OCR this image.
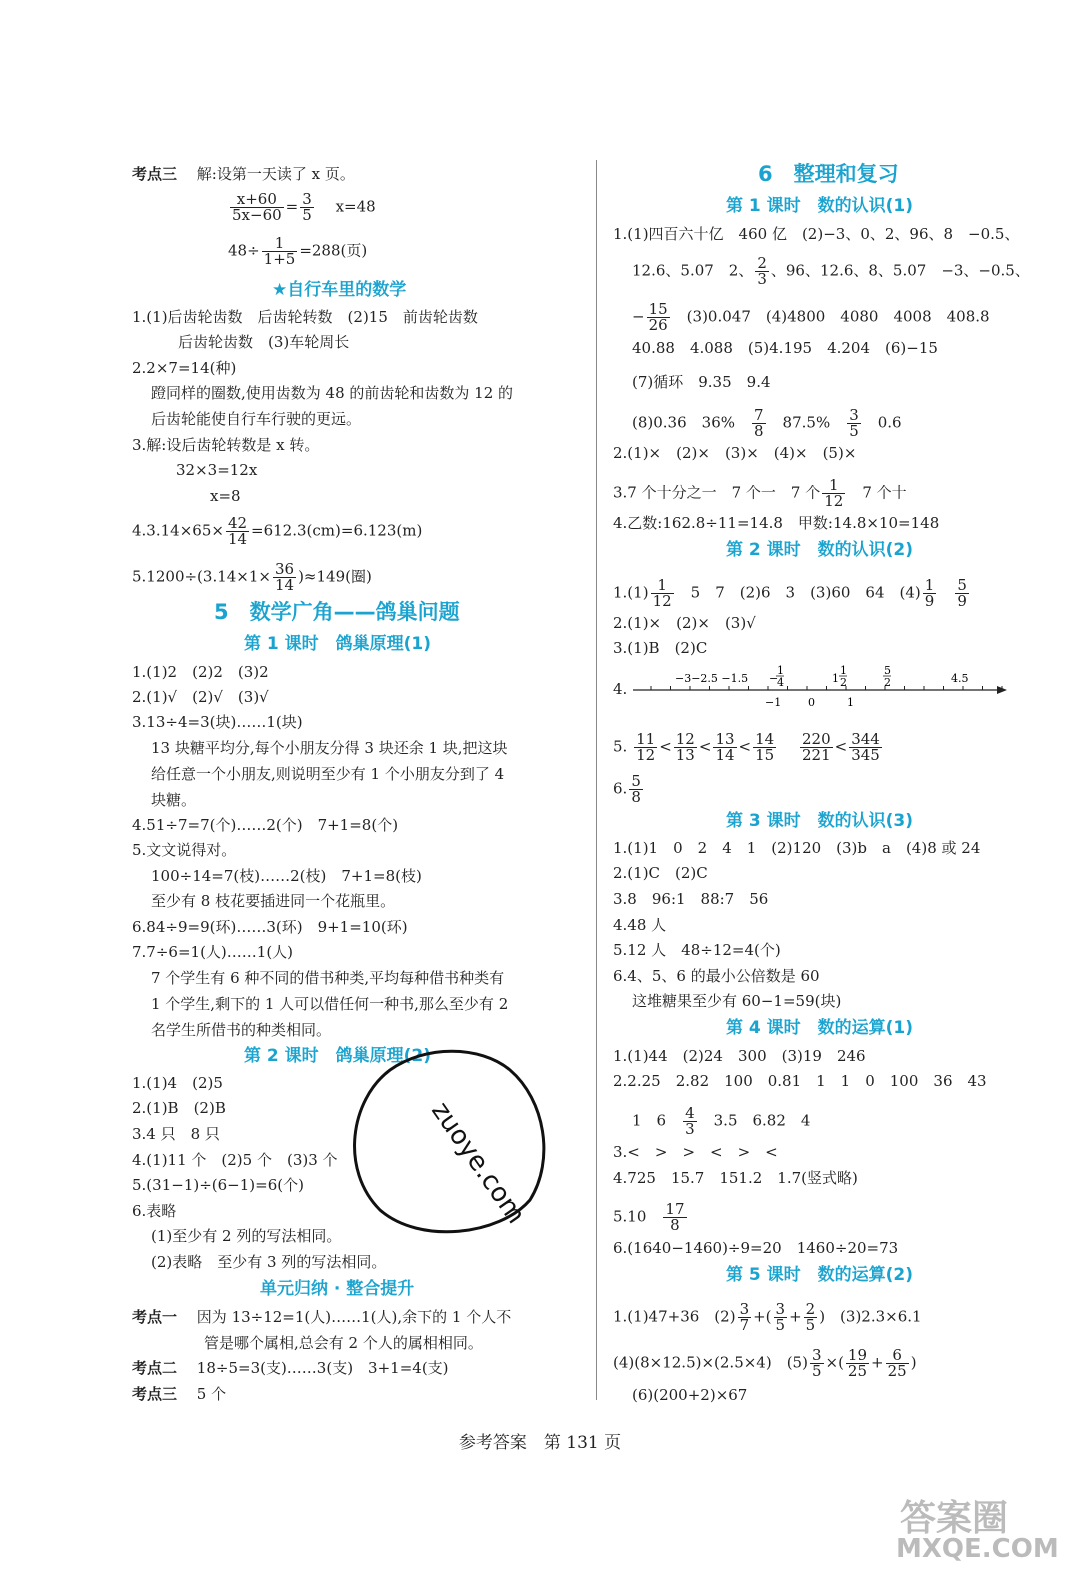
考点三　 解:设第一天读了 x 页。
$\frac{x+60}{5x-60} = \frac{3}{5}$
　 x=48
$48\div \frac{1}{1+5} =288$(页)
★自行车里的数学
1.(1)后齿轮齿数　后齿轮转数　(2)15　前齿轮齿数
后齿轮齿数　(3)车轮周长
2.2×7=14(种)
蹬同样的圈数,使用齿数为 48 的前齿轮和齿数为 12 的
后齿轮能使自行车行驶的更远。
3.解:设后齿轮转数是 x 转。
32×3=12x
x=8
$4.3.14\times 65\times \frac{42}{14} =612.3(cm)=6.123(m)$
$5.1200\div(3.14\times 1\times \frac{36}{14} )\approx 149$(圈)
5　数学广角——鸽巢问题
第 1 课时　鸽巢原理(1)
1.(1)2　(2)2　(3)2
2.(1)√　(2)√　(3)√
3.13÷4=3(块)……1(块)
13 块糖平均分,每个小朋友分得 3 块还余 1 块,把这块
给任意一个小朋友,则说明至少有 1 个小朋友分到了 4
块糖。
4.51÷7=7(个)……2(个)　7+1=8(个)
5.文文说得对。
100÷14=7(枝)……2(枝)　7+1=8(枝)
至少有 8 枝花要插进同一个花瓶里。
6.84÷9=9(环)……3(环)　9+1=10(环)
7.7÷6=1(人)……1(人)
7 个学生有 6 种不同的借书种类,平均每种借书种类有
1 个学生,剩下的 1 人可以借任何一种书,那么至少有 2
名学生所借书的种类相同。
第 2 课时　鸽巢原理(2)
1.(1)4　(2)5
2.(1)B　(2)B
3.4 只　8 只
4.(1)11 个　(2)5 个　(3)3 个
5.(31−1)÷(6−1)=6(个)
6.表略
(1)至少有 2 列的写法相同。
(2)表略　至少有 3 列的写法相同。
单元归纳 · 整合提升
考点一　 因为 13÷12=1(人)……1(人),余下的 1 个人不
管是哪个属相,总会有 2 个人的属相相同。
考点二　 18÷5=3(支)……3(支)　3+1=4(支)
考点三　 5 个
6　整理和复习
第 1 课时　数的认识(1)
1.(1)四百六十亿　460 亿　(2)−3、0、2、96、8　−0.5、
12.6、5.07　2、 $\frac{2}{3}$ 、96、12.6、8、5.07　−3、−0.5、
− $\frac{15}{26}$ 　(3)0.047　(4)4800　4080　4008　408.8
40.88　4.088　(5)4.195　4.204　(6)−15
(7)循环　9.35　9.4
(8)0.36　36%　 $\frac{7}{8}$ 　87.5%　 $\frac{3}{5}$ 　0.6
2.(1)×　(2)×　(3)×　(4)×　(5)×
3.7 个十分之一　7 个一　7 个 $\frac{1}{12}$ 　7 个十
4.乙数:162.8÷11=14.8　甲数:14.8×10=148
第 2 课时　数的认识(2)
$1.(1) \frac{1}{12}$ 　5　7　(2)6　3　(3)60　64　$(4) \frac{1}{9}$
　 $\frac{5}{9}$
2.(1)×　(2)×　(3)√
3.(1)B　(2)C
4.
−3−2.5 −1.5 −
1
4	1
1
2
5
2	4.5
−1 0	1
5. $\frac{11}{12} < \frac{12}{13} < \frac{13}{14} < \frac{14}{15}$
　 $\frac{220}{221} < \frac{344}{345}$
6. $\frac{5}{8}$
第 3 课时　数的认识(3)
1.(1)1　0　2　4　1　(2)120　(3)b　a　(4)8 或 24
2.(1)C　(2)C
3.8　96:1　88:7　56
4.48 人
5.12 人　48÷12=4(个)
6.4、5、6 的最小公倍数是 60
这堆糖果至少有 60−1=59(块)
第 4 课时　数的运算(1)
1.(1)44　(2)24　300　(3)19　246
2.2.25　2.82　100　0.81　1　1　0　100　36　43
1　6　 $\frac{4}{3}$ 　3.5　6.82　4
3.<　>　>　<　>　<
4.725　15.7　151.2　1.7(竖式略)
5.10　 $\frac{17}{8}$
6.(1640−1460)÷9=20　1460÷20=73
第 5 课时　数的运算(2)
1.(1)47+36　$(2) \frac{3}{7}$ +( $\frac{3}{5} + \frac{2}{5}$ )　(3)2.3×6.1
(4)(8×12.5)×(2.5×4)　$(5) \frac{3}{5}$ ×( $\frac{19}{25} + \frac{6}{25}$ )
(6)(200+2)×67
参考答案　第 131 页
zuoye.com
答案圈
MXQE.COM
